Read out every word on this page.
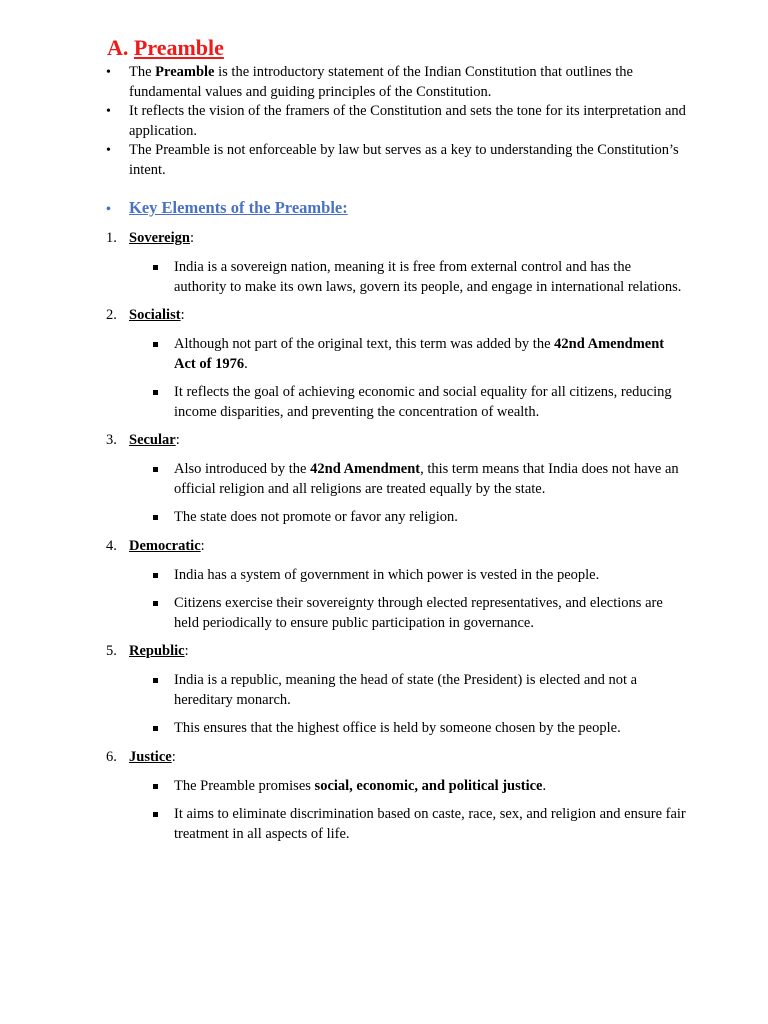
A. Preamble
• The Preamble is the introductory statement of the Indian Constitution that outlines the fundamental values and guiding principles of the Constitution.
• It reflects the vision of the framers of the Constitution and sets the tone for its interpretation and application.
• The Preamble is not enforceable by law but serves as a key to understanding the Constitution’s intent.
• Key Elements of the Preamble:
1. Sovereign:
India is a sovereign nation, meaning it is free from external control and has the authority to make its own laws, govern its people, and engage in international relations.
2. Socialist:
Although not part of the original text, this term was added by the 42nd Amendment Act of 1976.
It reflects the goal of achieving economic and social equality for all citizens, reducing income disparities, and preventing the concentration of wealth.
3. Secular:
Also introduced by the 42nd Amendment, this term means that India does not have an official religion and all religions are treated equally by the state.
The state does not promote or favor any religion.
4. Democratic:
India has a system of government in which power is vested in the people.
Citizens exercise their sovereignty through elected representatives, and elections are held periodically to ensure public participation in governance.
5. Republic:
India is a republic, meaning the head of state (the President) is elected and not a hereditary monarch.
This ensures that the highest office is held by someone chosen by the people.
6. Justice:
The Preamble promises social, economic, and political justice.
It aims to eliminate discrimination based on caste, race, sex, and religion and ensure fair treatment in all aspects of life.
